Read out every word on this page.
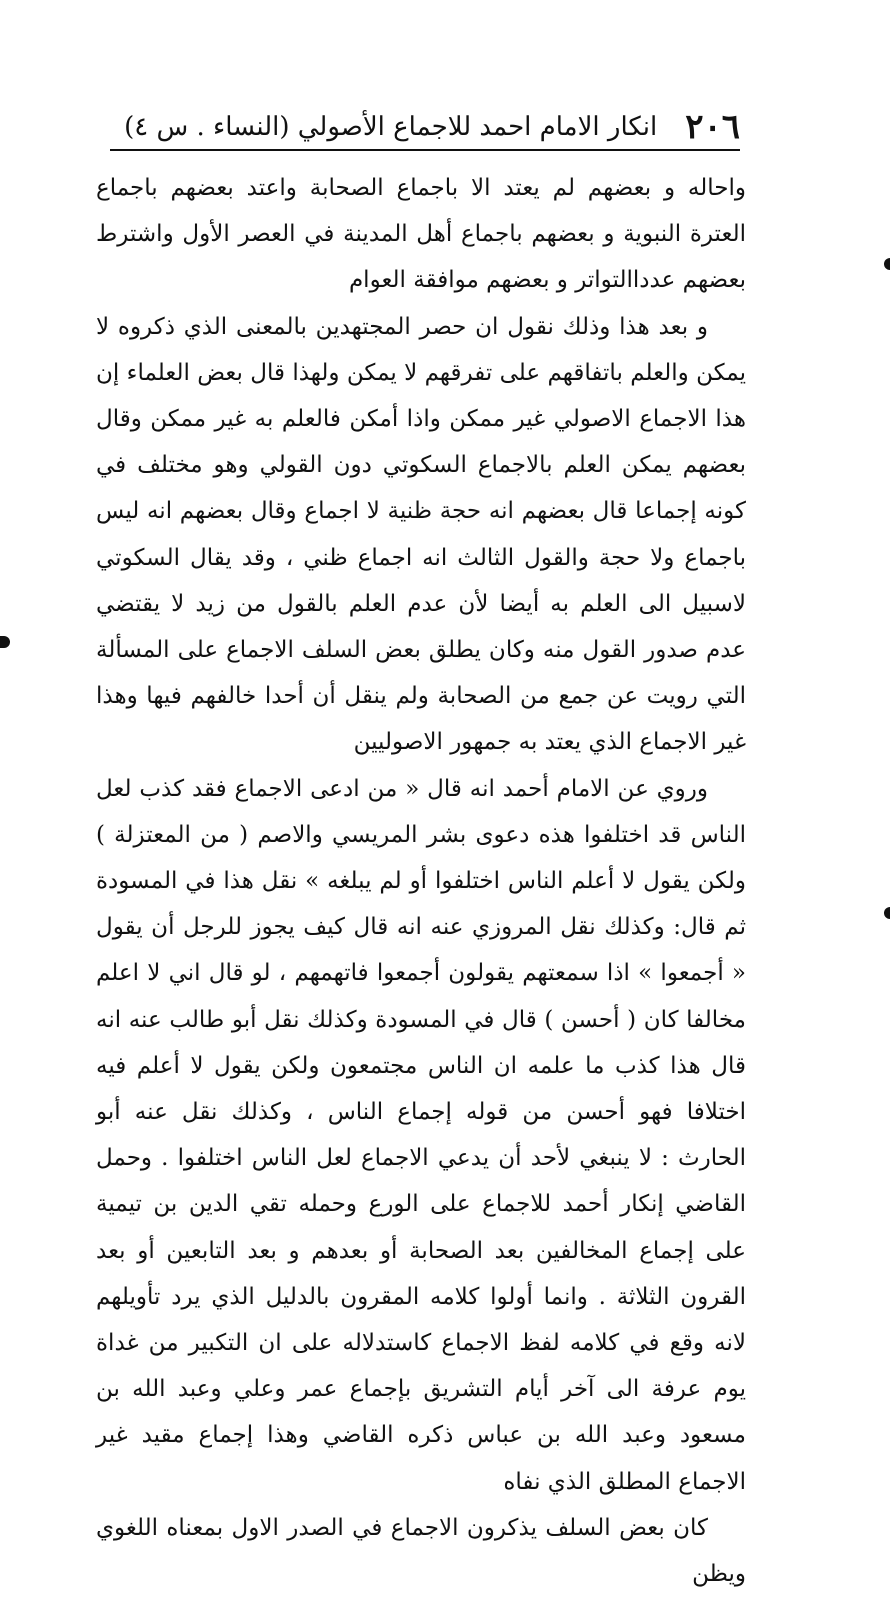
٢٠٦
انكار الامام احمد للاجماع الأصولي (النساء . س ٤)

واحاله و بعضهم لم يعتد الا باجماع الصحابة واعتد بعضهم باجماع العترة النبوية و بعضهم باجماع أهل المدينة في العصر الأول واشترط بعضهم عدداالتواتر و بعضهم موافقة العوام

و بعد هذا وذلك نقول ان حصر المجتهدين بالمعنى الذي ذكروه لا يمكن والعلم باتفاقهم على تفرقهم لا يمكن ولهذا قال بعض العلماء إن هذا الاجماع الاصولي غير ممكن واذا أمكن فالعلم به غير ممكن وقال بعضهم يمكن العلم بالاجماع السكوتي دون القولي وهو مختلف في كونه إجماعا قال بعضهم انه حجة ظنية لا اجماع وقال بعضهم انه ليس باجماع ولا حجة والقول الثالث انه اجماع ظني ، وقد يقال السكوتي لاسبيل الى العلم به أيضا لأن عدم العلم بالقول من زيد لا يقتضي عدم صدور القول منه وكان يطلق بعض السلف الاجماع على المسألة التي رويت عن جمع من الصحابة ولم ينقل أن أحدا خالفهم فيها وهذا غير الاجماع الذي يعتد به جمهور الاصوليين

وروي عن الامام أحمد انه قال « من ادعى الاجماع فقد كذب لعل الناس قد اختلفوا هذه دعوى بشر المريسي والاصم ( من المعتزلة ) ولكن يقول لا أعلم الناس اختلفوا أو لم يبلغه » نقل هذا في المسودة ثم قال: وكذلك نقل المروزي عنه انه قال كيف يجوز للرجل أن يقول « أجمعوا » اذا سمعتهم يقولون أجمعوا فاتهمهم ، لو قال اني لا اعلم مخالفا كان ( أحسن ) قال في المسودة وكذلك نقل أبو طالب عنه انه قال هذا كذب ما علمه ان الناس مجتمعون ولكن يقول لا أعلم فيه اختلافا فهو أحسن من قوله إجماع الناس ، وكذلك نقل عنه أبو الحارث : لا ينبغي لأحد أن يدعي الاجماع لعل الناس اختلفوا . وحمل القاضي إنكار أحمد للاجماع على الورع وحمله تقي الدين بن تيمية على إجماع المخالفين بعد الصحابة أو بعدهم و بعد التابعين أو بعد القرون الثلاثة . وانما أولوا كلامه المقرون بالدليل الذي يرد تأويلهم لانه وقع في كلامه لفظ الاجماع كاستدلاله على ان التكبير من غداة يوم عرفة الى آخر أيام التشريق بإجماع عمر وعلي وعبد الله بن مسعود وعبد الله بن عباس ذكره القاضي وهذا إجماع مقيد غير الاجماع المطلق الذي نفاه

كان بعض السلف يذكرون الاجماع في الصدر الاول بمعناه اللغوي ويظن
